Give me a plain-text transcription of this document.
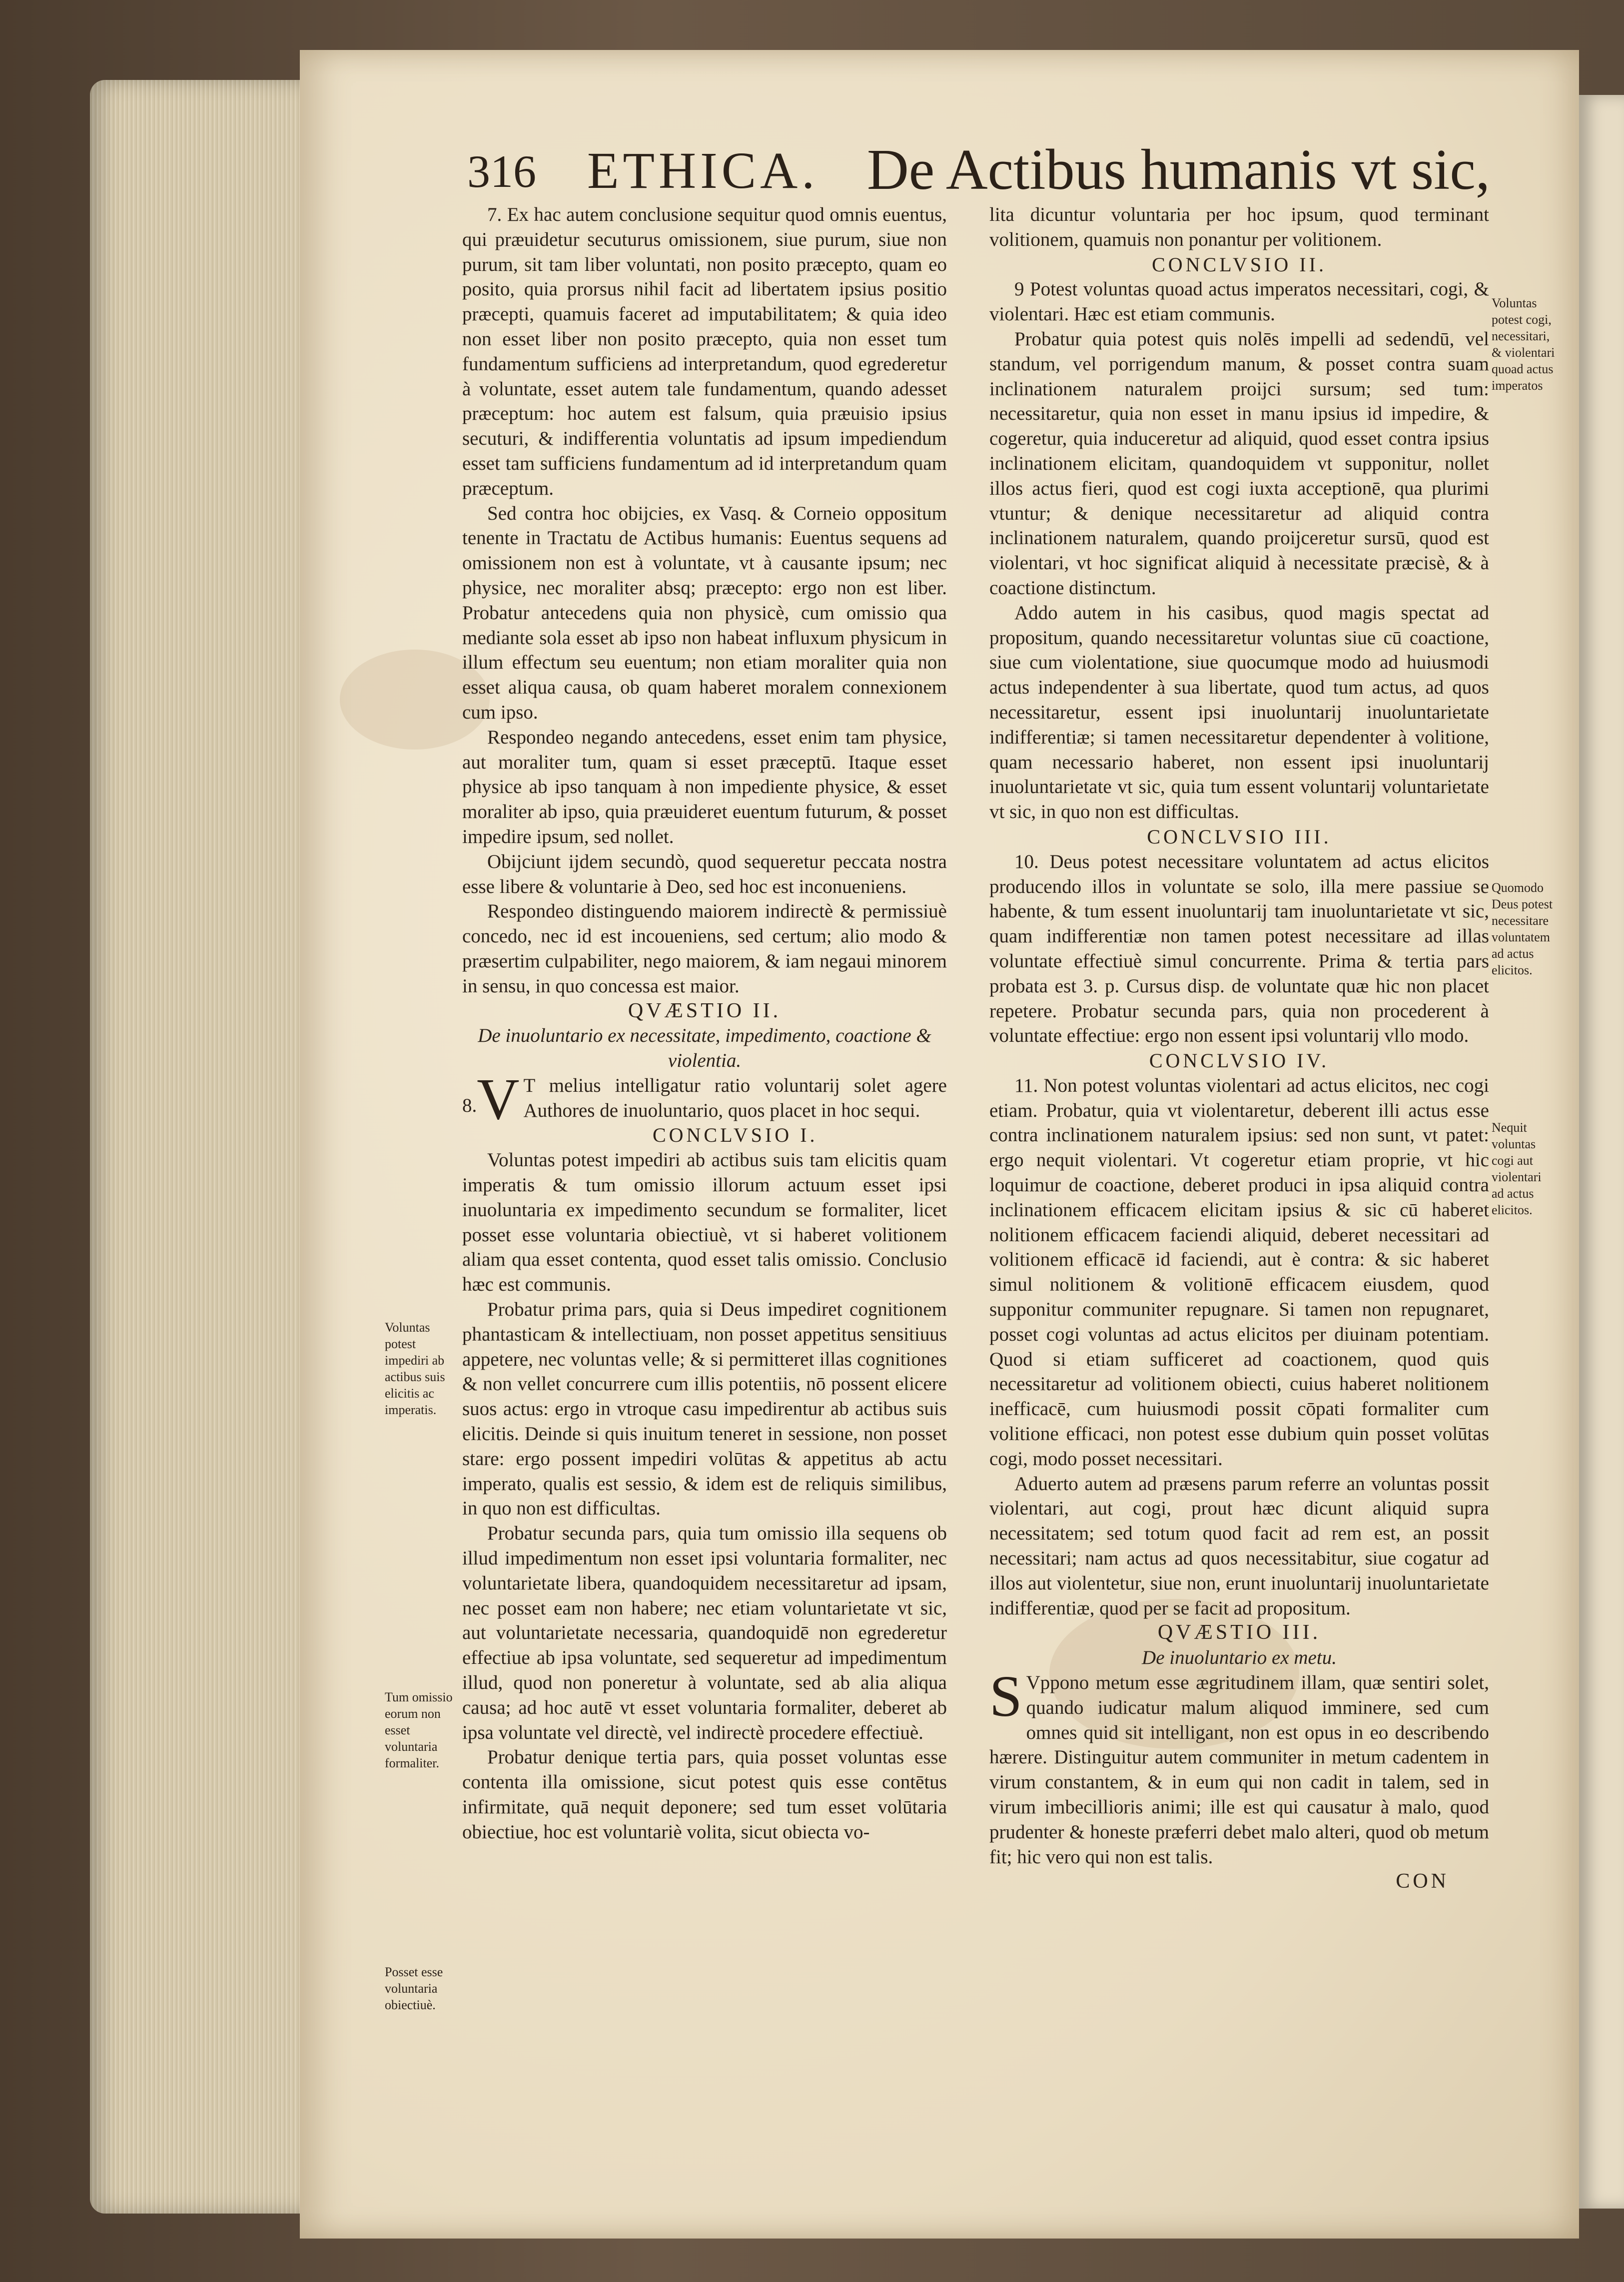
316 ETHICA. De Actibus humanis vt sic,

7. Ex hac autem conclusione sequitur quod omnis euentus, qui præuidetur secuturus omissionem, siue purum, siue non purum, sit tam liber voluntati, non posito præcepto, quam eo posito, quia prorsus nihil facit ad libertatem ipsius positio præcepti, quamuis faceret ad imputabilitatem; & quia ideo non esset liber non posito præcepto, quia non esset tum fundamentum sufficiens ad interpretandum, quod egrederetur à voluntate, esset autem tale fundamentum, quando adesset præceptum: hoc autem est falsum, quia præuisio ipsius secuturi, & indifferentia voluntatis ad ipsum impediendum esset tam sufficiens fundamentum ad id interpretandum quam præceptum.

Sed contra hoc obijcies, ex Vasq. & Corneio oppositum tenente in Tractatu de Actibus humanis: Euentus sequens ad omissionem non est à voluntate, vt à causante ipsum; nec physice, nec moraliter absq; præcepto: ergo non est liber. Probatur antecedens quia non physicè, cum omissio qua mediante sola esset ab ipso non habeat influxum physicum in illum effectum seu euentum; non etiam moraliter quia non esset aliqua causa, ob quam haberet moralem connexionem cum ipso.

Respondeo negando antecedens, esset enim tam physice, aut moraliter tum, quam si esset præceptū. Itaque esset physice ab ipso tanquam à non impediente physice, & esset moraliter ab ipso, quia præuideret euentum futurum, & posset impedire ipsum, sed nollet.

Obijciunt ijdem secundò, quod sequeretur peccata nostra esse libere & voluntarie à Deo, sed hoc est inconueniens.

Respondeo distinguendo maiorem indirectè & permissiuè concedo, nec id est incoueniens, sed certum; alio modo & præsertim culpabiliter, nego maiorem, & iam negaui minorem in sensu, in quo concessa est maior.

QVÆSTIO II.

De inuoluntario ex necessitate, impedimento, coactione & violentia.

8. V T melius intelligatur ratio voluntarij solet agere Authores de inuoluntario, quos placet in hoc sequi.

CONCLVSIO I.

Voluntas potest impediri ab actibus suis tam elicitis quam imperatis & tum omissio illorum actuum esset ipsi inuoluntaria ex impedimento secundum se formaliter, licet posset esse voluntaria obiectiuè, vt si haberet volitionem aliam qua esset contenta, quod esset talis omissio. Conclusio hæc est communis.

Probatur prima pars, quia si Deus impediret cognitionem phantasticam & intellectiuam, non posset appetitus sensitiuus appetere, nec voluntas velle; & si permitteret illas cognitiones & non vellet concurrere cum illis potentiis, nō possent elicere suos actus: ergo in vtroque casu impedirentur ab actibus suis elicitis. Deinde si quis inuitum teneret in sessione, non posset stare: ergo possent impediri volūtas & appetitus ab actu imperato, qualis est sessio, & idem est de reliquis similibus, in quo non est difficultas.

Probatur secunda pars, quia tum omissio illa sequens ob illud impedimentum non esset ipsi voluntaria formaliter, nec voluntarietate libera, quandoquidem necessitaretur ad ipsam, nec posset eam non habere; nec etiam voluntarietate vt sic, aut voluntarietate necessaria, quandoquidē non egrederetur effectiue ab ipsa voluntate, sed sequeretur ad impedimentum illud, quod non poneretur à voluntate, sed ab alia aliqua causa; ad hoc autē vt esset voluntaria formaliter, deberet ab ipsa voluntate vel directè, vel indirectè procedere effectiuè.

Probatur denique tertia pars, quia posset voluntas esse contenta illa omissione, sicut potest quis esse contētus infirmitate, quā nequit deponere; sed tum esset volūtaria obiectiue, hoc est voluntariè volita, sicut obiecta vo-

lita dicuntur voluntaria per hoc ipsum, quod terminant volitionem, quamuis non ponantur per volitionem.

CONCLVSIO II.

9 Potest voluntas quoad actus imperatos necessitari, cogi, & violentari. Hæc est etiam communis.

Probatur quia potest quis nolēs impelli ad sedendū, vel standum, vel porrigendum manum, & posset contra suam inclinationem naturalem proijci sursum; sed tum: necessitaretur, quia non esset in manu ipsius id impedire, & cogeretur, quia induceretur ad aliquid, quod esset contra ipsius inclinationem elicitam, quandoquidem vt supponitur, nollet illos actus fieri, quod est cogi iuxta acceptionē, qua plurimi vtuntur; & denique necessitaretur ad aliquid contra inclinationem naturalem, quando proijceretur sursū, quod est violentari, vt hoc significat aliquid à necessitate præcisè, & à coactione distinctum.

Addo autem in his casibus, quod magis spectat ad propositum, quando necessitaretur voluntas siue cū coactione, siue cum violentatione, siue quocumque modo ad huiusmodi actus independenter à sua libertate, quod tum actus, ad quos necessitaretur, essent ipsi inuoluntarij inuoluntarietate indifferentiæ; si tamen necessitaretur dependenter à volitione, quam necessario haberet, non essent ipsi inuoluntarij inuoluntarietate vt sic, quia tum essent voluntarij voluntarietate vt sic, in quo non est difficultas.

CONCLVSIO III.

10. Deus potest necessitare voluntatem ad actus elicitos producendo illos in voluntate se solo, illa mere passiue se habente, & tum essent inuoluntarij tam inuoluntarietate vt sic, quam indifferentiæ non tamen potest necessitare ad illas voluntate effectiuè simul concurrente. Prima & tertia pars probata est 3. p. Cursus disp. de voluntate quæ hic non placet repetere. Probatur secunda pars, quia non procederent à voluntate effectiue: ergo non essent ipsi voluntarij vllo modo.

CONCLVSIO IV.

11. Non potest voluntas violentari ad actus elicitos, nec cogi etiam. Probatur, quia vt violentaretur, deberent illi actus esse contra inclinationem naturalem ipsius: sed non sunt, vt patet: ergo nequit violentari. Vt cogeretur etiam proprie, vt hic loquimur de coactione, deberet produci in ipsa aliquid contra inclinationem efficacem elicitam ipsius & sic cū haberet nolitionem efficacem faciendi aliquid, deberet necessitari ad volitionem efficacē id faciendi, aut è contra: & sic haberet simul nolitionem & volitionē efficacem eiusdem, quod supponitur communiter repugnare. Si tamen non repugnaret, posset cogi voluntas ad actus elicitos per diuinam potentiam. Quod si etiam sufficeret ad coactionem, quod quis necessitaretur ad volitionem obiecti, cuius haberet nolitionem inefficacē, cum huiusmodi possit cōpati formaliter cum volitione efficaci, non potest esse dubium quin posset volūtas cogi, modo posset necessitari.

Aduerto autem ad præsens parum referre an voluntas possit violentari, aut cogi, prout hæc dicunt aliquid supra necessitatem; sed totum quod facit ad rem est, an possit necessitari; nam actus ad quos necessitabitur, siue cogatur ad illos aut violentetur, siue non, erunt inuoluntarij inuoluntarietate indifferentiæ, quod per se facit ad propositum.

QVÆSTIO III.

De inuoluntario ex metu.

S Vppono metum esse ægritudinem illam, quæ sentiri solet, quando iudicatur malum aliquod imminere, sed cum omnes quid sit intelligant, non est opus in eo describendo hærere. Distinguitur autem communiter in metum cadentem in virum constantem, & in eum qui non cadit in talem, sed in virum imbecillioris animi; ille est qui causatur à malo, quod prudenter & honeste præferri debet malo alteri, quod ob metum fit; hic vero qui non est talis.

CON

Voluntas potest impediri ab actibus suis elicitis ac imperatis.
Tum omissio eorum non esset voluntaria formaliter.
Posset esse voluntaria obiectiuè.
Voluntas potest cogi, necessitari, & violentari quoad actus imperatos
Quomodo Deus potest necessitare voluntatem ad actus elicitos.
Nequit voluntas cogi aut violentari ad actus elicitos.
